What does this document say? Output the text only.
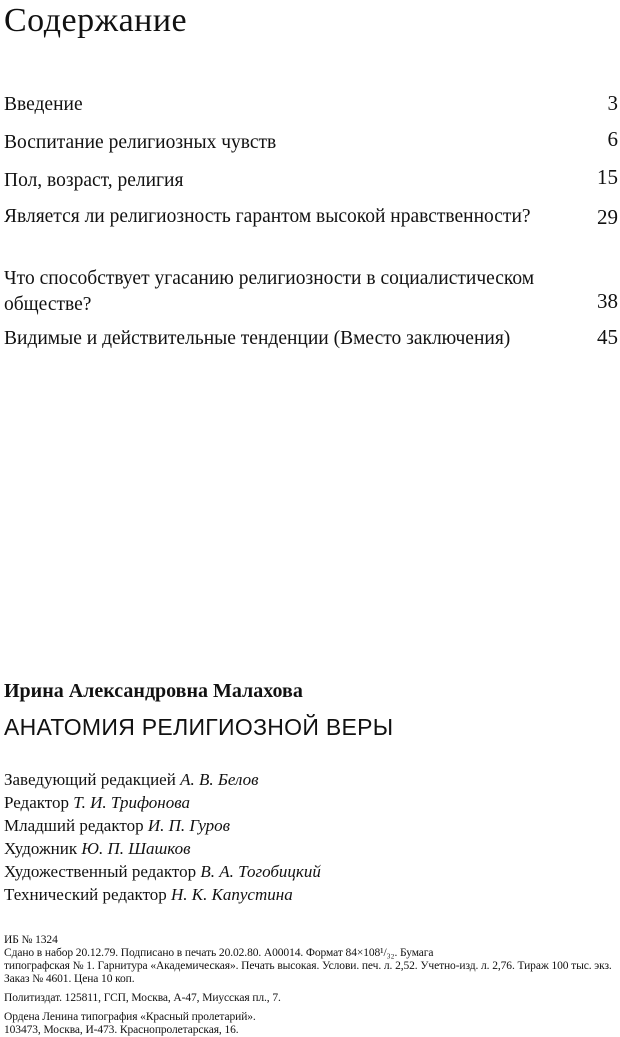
Содержание
Введение	3
Воспитание религиозных чувств	6
Пол, возраст, религия	15
Является ли религиозность гарантом высокой нравственности?	29
Что способствует угасанию религиозности в социалистическом обществе?	38
Видимые и действительные тенденции (Вместо заключения)	45

Ирина Александровна Малахова

АНАТОМИЯ РЕЛИГИОЗНОЙ ВЕРЫ
Заведующий редакцией А. В. Белов
Редактор Т. И. Трифонова
Младший редактор И. П. Гуров
Художник Ю. П. Шашков
Художественный редактор В. А. Тогобицкий
Технический редактор Н. К. Капустина
ИБ № 1324
Сдано в набор 20.12.79. Подписано в печать 20.02.80. А00014. Формат 84×108¹/₃₂. Бумага
типографская № 1. Гарнитура «Академическая». Печать высокая. Услови. печ. л. 2,52. Учетно-изд. л. 2,76. Тираж 100 тыс. экз. Заказ № 4601. Цена 10 коп.
Политиздат. 125811, ГСП, Москва, А-47, Миусская пл., 7.
Ордена Ленина типография «Красный пролетарий».
103473, Москва, И-473. Краснопролетарская, 16.
